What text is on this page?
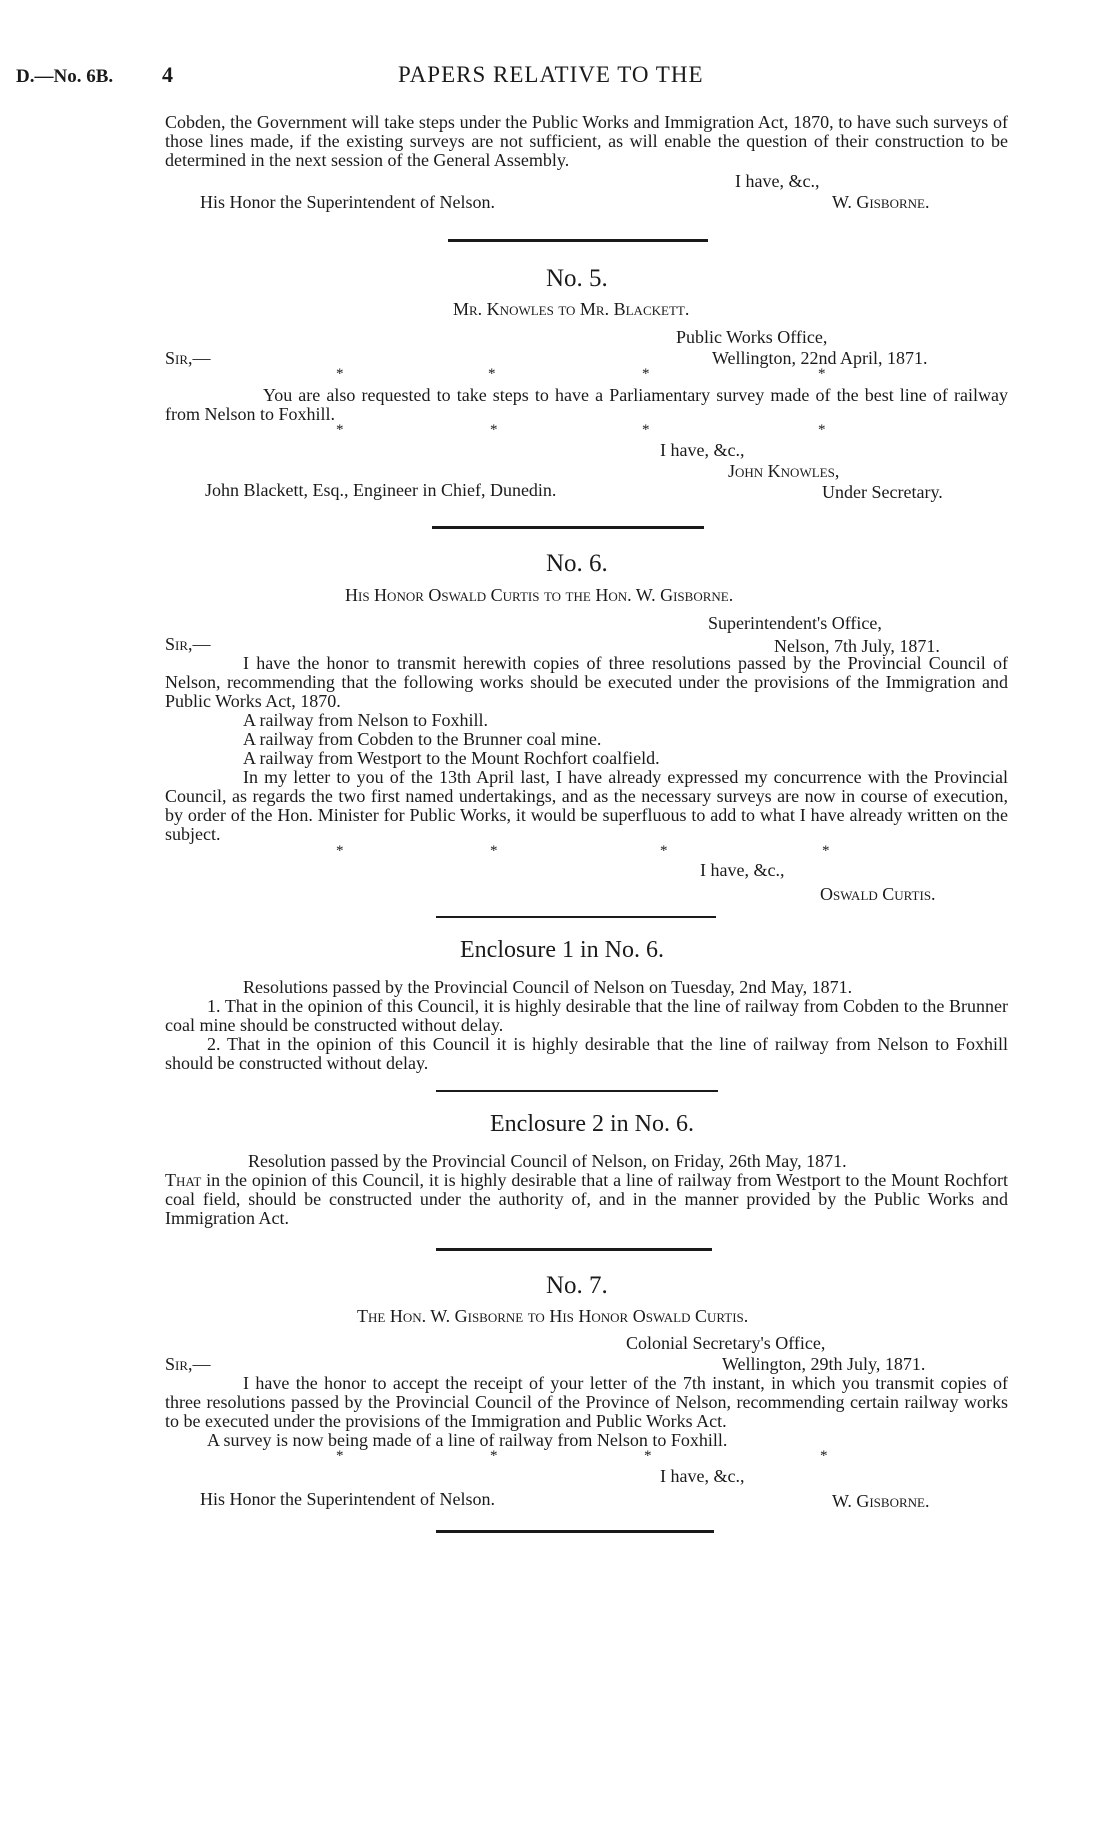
D.—No. 6B. 4	PAPERS RELATIVE TO THE
Cobden, the Government will take steps under the Public Works and Immigration Act, 1870, to have such surveys of those lines made, if the existing surveys are not sufficient, as will enable the question of their construction to be determined in the next session of the General Assembly.
I have, &c.,
His Honor the Superintendent of Nelson.	W. Gisborne.
No. 5.
Mr. Knowles to Mr. Blackett.
Public Works Office,
Sir,—	Wellington, 22nd April, 1871.
*	*	*	*
You are also requested to take steps to have a Parliamentary survey made of the best line of railway from Nelson to Foxhill.
*	*	*	*
I have, &c.,
John Knowles,
John Blackett, Esq., Engineer in Chief, Dunedin.	Under Secretary.
No. 6.
His Honor Oswald Curtis to the Hon. W. Gisborne.
Superintendent's Office,
Sir,—	Nelson, 7th July, 1871.
I have the honor to transmit herewith copies of three resolutions passed by the Provincial Council of Nelson, recommending that the following works should be executed under the provisions of the Immigration and Public Works Act, 1870.
A railway from Nelson to Foxhill.
A railway from Cobden to the Brunner coal mine.
A railway from Westport to the Mount Rochfort coalfield.
In my letter to you of the 13th April last, I have already expressed my concurrence with the Provincial Council, as regards the two first named undertakings, and as the necessary surveys are now in course of execution, by order of the Hon. Minister for Public Works, it would be superfluous to add to what I have already written on the subject.
*	*	*	*
I have, &c.,
Oswald Curtis.
Enclosure 1 in No. 6.
Resolutions passed by the Provincial Council of Nelson on Tuesday, 2nd May, 1871.
1. That in the opinion of this Council, it is highly desirable that the line of railway from Cobden to the Brunner coal mine should be constructed without delay.
2. That in the opinion of this Council it is highly desirable that the line of railway from Nelson to Foxhill should be constructed without delay.
Enclosure 2 in No. 6.
Resolution passed by the Provincial Council of Nelson, on Friday, 26th May, 1871.
That in the opinion of this Council, it is highly desirable that a line of railway from Westport to the Mount Rochfort coal field, should be constructed under the authority of, and in the manner provided by the Public Works and Immigration Act.
No. 7.
The Hon. W. Gisborne to His Honor Oswald Curtis.
Colonial Secretary's Office,
Sir,—	Wellington, 29th July, 1871.
I have the honor to accept the receipt of your letter of the 7th instant, in which you transmit copies of three resolutions passed by the Provincial Council of the Province of Nelson, recommending certain railway works to be executed under the provisions of the Immigration and Public Works Act.
A survey is now being made of a line of railway from Nelson to Foxhill.
*	*	*	*
I have, &c.,
His Honor the Superintendent of Nelson.	W. Gisborne.
